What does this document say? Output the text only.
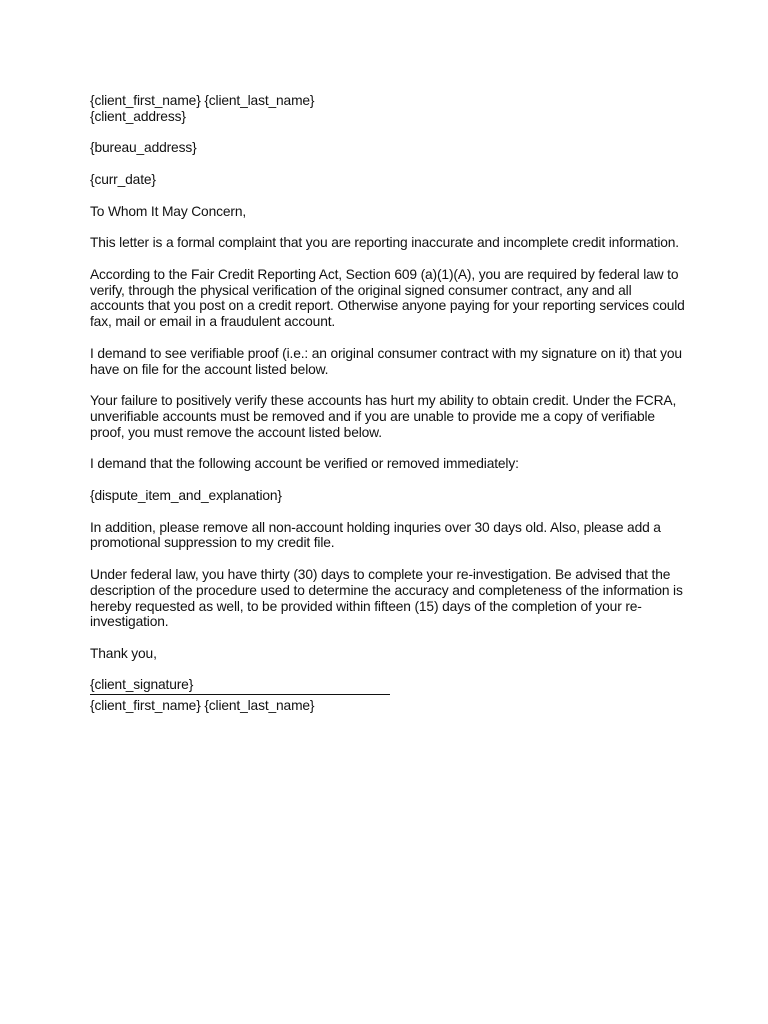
{client_first_name} {client_last_name}
{client_address}
{bureau_address}
{curr_date}
To Whom It May Concern,
This letter is a formal complaint that you are reporting inaccurate and incomplete credit information.
According to the Fair Credit Reporting Act, Section 609 (a)(1)(A), you are required by federal law to
verify, through the physical verification of the original signed consumer contract, any and all
accounts that you post on a credit report. Otherwise anyone paying for your reporting services could
fax, mail or email in a fraudulent account.
I demand to see verifiable proof (i.e.: an original consumer contract with my signature on it) that you
have on file for the account listed below.
Your failure to positively verify these accounts has hurt my ability to obtain credit. Under the FCRA,
unverifiable accounts must be removed and if you are unable to provide me a copy of verifiable
proof, you must remove the account listed below.
I demand that the following account be verified or removed immediately:
{dispute_item_and_explanation}
In addition, please remove all non-account holding inquries over 30 days old. Also, please add a
promotional suppression to my credit file.
Under federal law, you have thirty (30) days to complete your re-investigation. Be advised that the
description of the procedure used to determine the accuracy and completeness of the information is
hereby requested as well, to be provided within fifteen (15) days of the completion of your re-
investigation.
Thank you,
{client_signature}
{client_first_name} {client_last_name}
